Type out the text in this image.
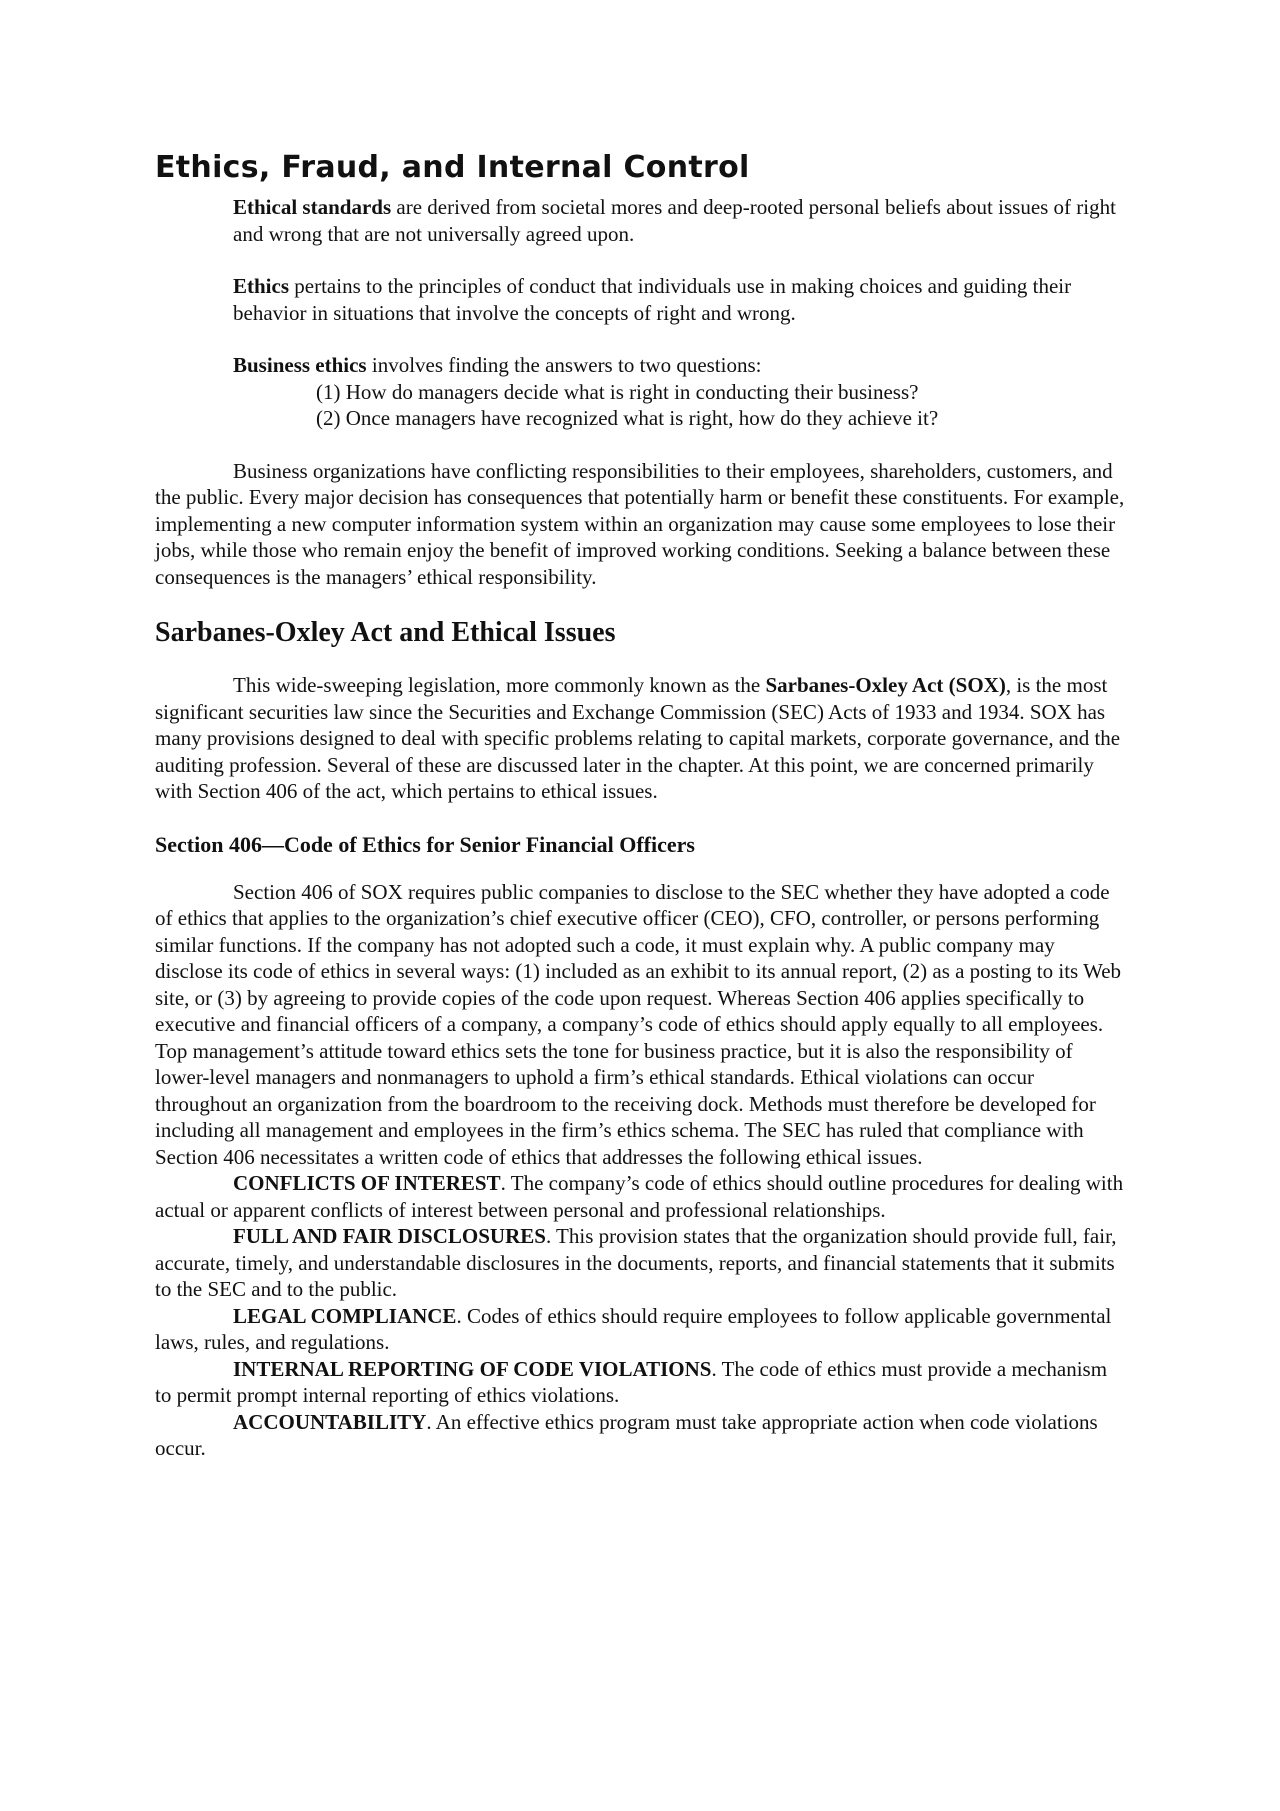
Ethics, Fraud, and Internal Control

Ethical standards are derived from societal mores and deep-rooted personal beliefs about issues of right and wrong that are not universally agreed upon.

Ethics pertains to the principles of conduct that individuals use in making choices and guiding their behavior in situations that involve the concepts of right and wrong.

Business ethics involves finding the answers to two questions:

(1) How do managers decide what is right in conducting their business?

(2) Once managers have recognized what is right, how do they achieve it?

Business organizations have conflicting responsibilities to their employees, shareholders, customers, and the public. Every major decision has consequences that potentially harm or benefit these constituents. For example, implementing a new computer information system within an organization may cause some employees to lose their jobs, while those who remain enjoy the benefit of improved working conditions. Seeking a balance between these consequences is the managers’ ethical responsibility.

Sarbanes-Oxley Act and Ethical Issues

This wide-sweeping legislation, more commonly known as the Sarbanes-Oxley Act (SOX), is the most significant securities law since the Securities and Exchange Commission (SEC) Acts of 1933 and 1934. SOX has many provisions designed to deal with specific problems relating to capital markets, corporate governance, and the auditing profession. Several of these are discussed later in the chapter. At this point, we are concerned primarily with Section 406 of the act, which pertains to ethical issues.

Section 406—Code of Ethics for Senior Financial Officers

Section 406 of SOX requires public companies to disclose to the SEC whether they have adopted a code of ethics that applies to the organization’s chief executive officer (CEO), CFO, controller, or persons performing similar functions. If the company has not adopted such a code, it must explain why. A public company may disclose its code of ethics in several ways: (1) included as an exhibit to its annual report, (2) as a posting to its Web site, or (3) by agreeing to provide copies of the code upon request. Whereas Section 406 applies specifically to executive and financial officers of a company, a company’s code of ethics should apply equally to all employees. Top management’s attitude toward ethics sets the tone for business practice, but it is also the responsibility of lower-level managers and nonmanagers to uphold a firm’s ethical standards. Ethical violations can occur throughout an organization from the boardroom to the receiving dock. Methods must therefore be developed for including all management and employees in the firm’s ethics schema. The SEC has ruled that compliance with Section 406 necessitates a written code of ethics that addresses the following ethical issues.

CONFLICTS OF INTEREST. The company’s code of ethics should outline procedures for dealing with actual or apparent conflicts of interest between personal and professional relationships.

FULL AND FAIR DISCLOSURES. This provision states that the organization should provide full, fair, accurate, timely, and understandable disclosures in the documents, reports, and financial statements that it submits to the SEC and to the public.

LEGAL COMPLIANCE. Codes of ethics should require employees to follow applicable governmental laws, rules, and regulations.

INTERNAL REPORTING OF CODE VIOLATIONS. The code of ethics must provide a mechanism to permit prompt internal reporting of ethics violations.

ACCOUNTABILITY. An effective ethics program must take appropriate action when code violations occur.
